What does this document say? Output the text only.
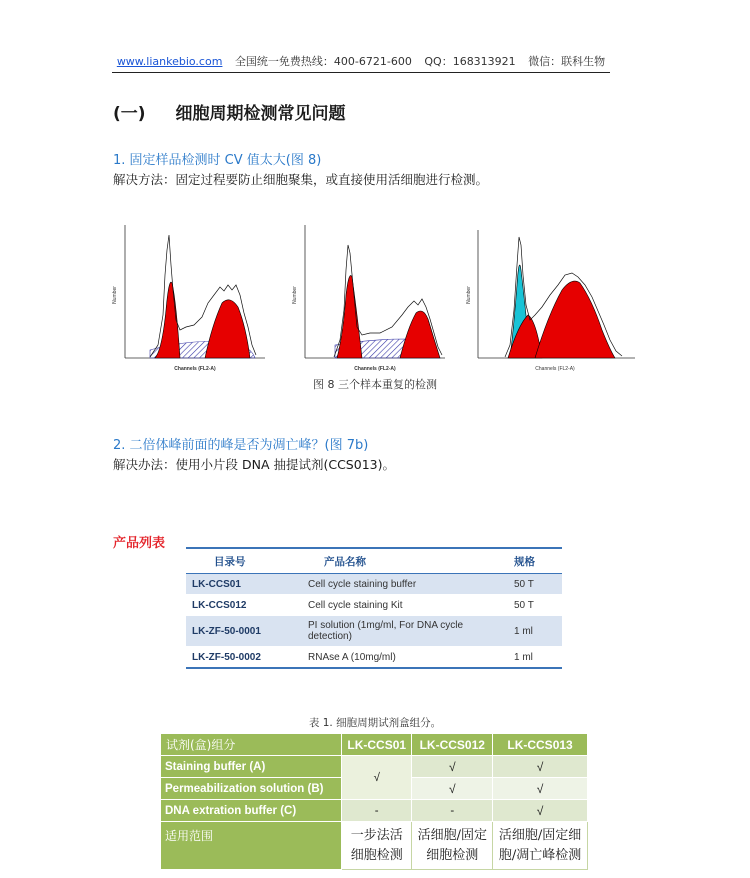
www.liankebio.com 全国统一免费热线：400-6721-600 QQ：168313921 微信：联科生物
(一) 细胞周期检测常见问题
1. 固定样品检测时 CV 值太大(图 8)
解决方法：固定过程要防止细胞聚集，或直接使用活细胞进行检测。
Number
Channels (FL2-A)
Number
Channels (FL2-A)
Number
Channels (FL2-A)
图 8 三个样本重复的检测
2. 二倍体峰前面的峰是否为凋亡峰？(图 7b)
解决办法：使用小片段 DNA 抽提试剂(CCS013)。
产品列表
目录号	产品名称	规格
LK-CCS01	Cell cycle staining buffer	50 T
LK-CCS012	Cell cycle staining Kit	50 T
LK-ZF-50-0001	PI solution (1mg/ml, For DNA cycle detection)	1 ml
LK-ZF-50-0002	RNAse A (10mg/ml)	1 ml
表 1. 细胞周期试剂盒组分。
试剂(盒)组分	LK-CCS01	LK-CCS012	LK-CCS013
Staining buffer (A)	√	√	√
Permeabilization solution (B)		√	√
DNA extration buffer (C)	-	-	√
适用范围	一步法活细胞检测	活细胞/固定细胞检测	活细胞/固定细胞/凋亡峰检测
